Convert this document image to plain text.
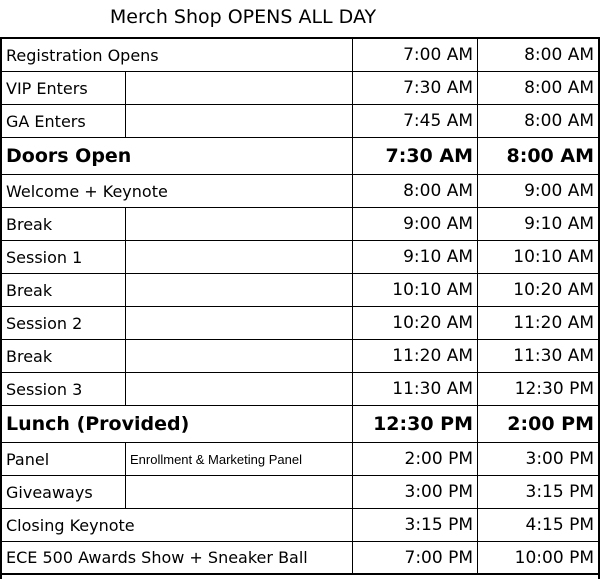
Merch Shop OPENS ALL DAY
Registration Opens	7:00 AM	8:00 AM
VIP Enters	7:30 AM	8:00 AM
GA Enters	7:45 AM	8:00 AM
Doors Open	7:30 AM	8:00 AM
Welcome + Keynote	8:00 AM	9:00 AM
Break	9:00 AM	9:10 AM
Session 1	9:10 AM	10:10 AM
Break	10:10 AM	10:20 AM
Session 2	10:20 AM	11:20 AM
Break	11:20 AM	11:30 AM
Session 3	11:30 AM	12:30 PM
Lunch (Provided)	12:30 PM	2:00 PM
Panel	Enrollment & Marketing Panel	2:00 PM	3:00 PM
Giveaways	3:00 PM	3:15 PM
Closing Keynote	3:15 PM	4:15 PM
ECE 500 Awards Show + Sneaker Ball	7:00 PM	10:00 PM
